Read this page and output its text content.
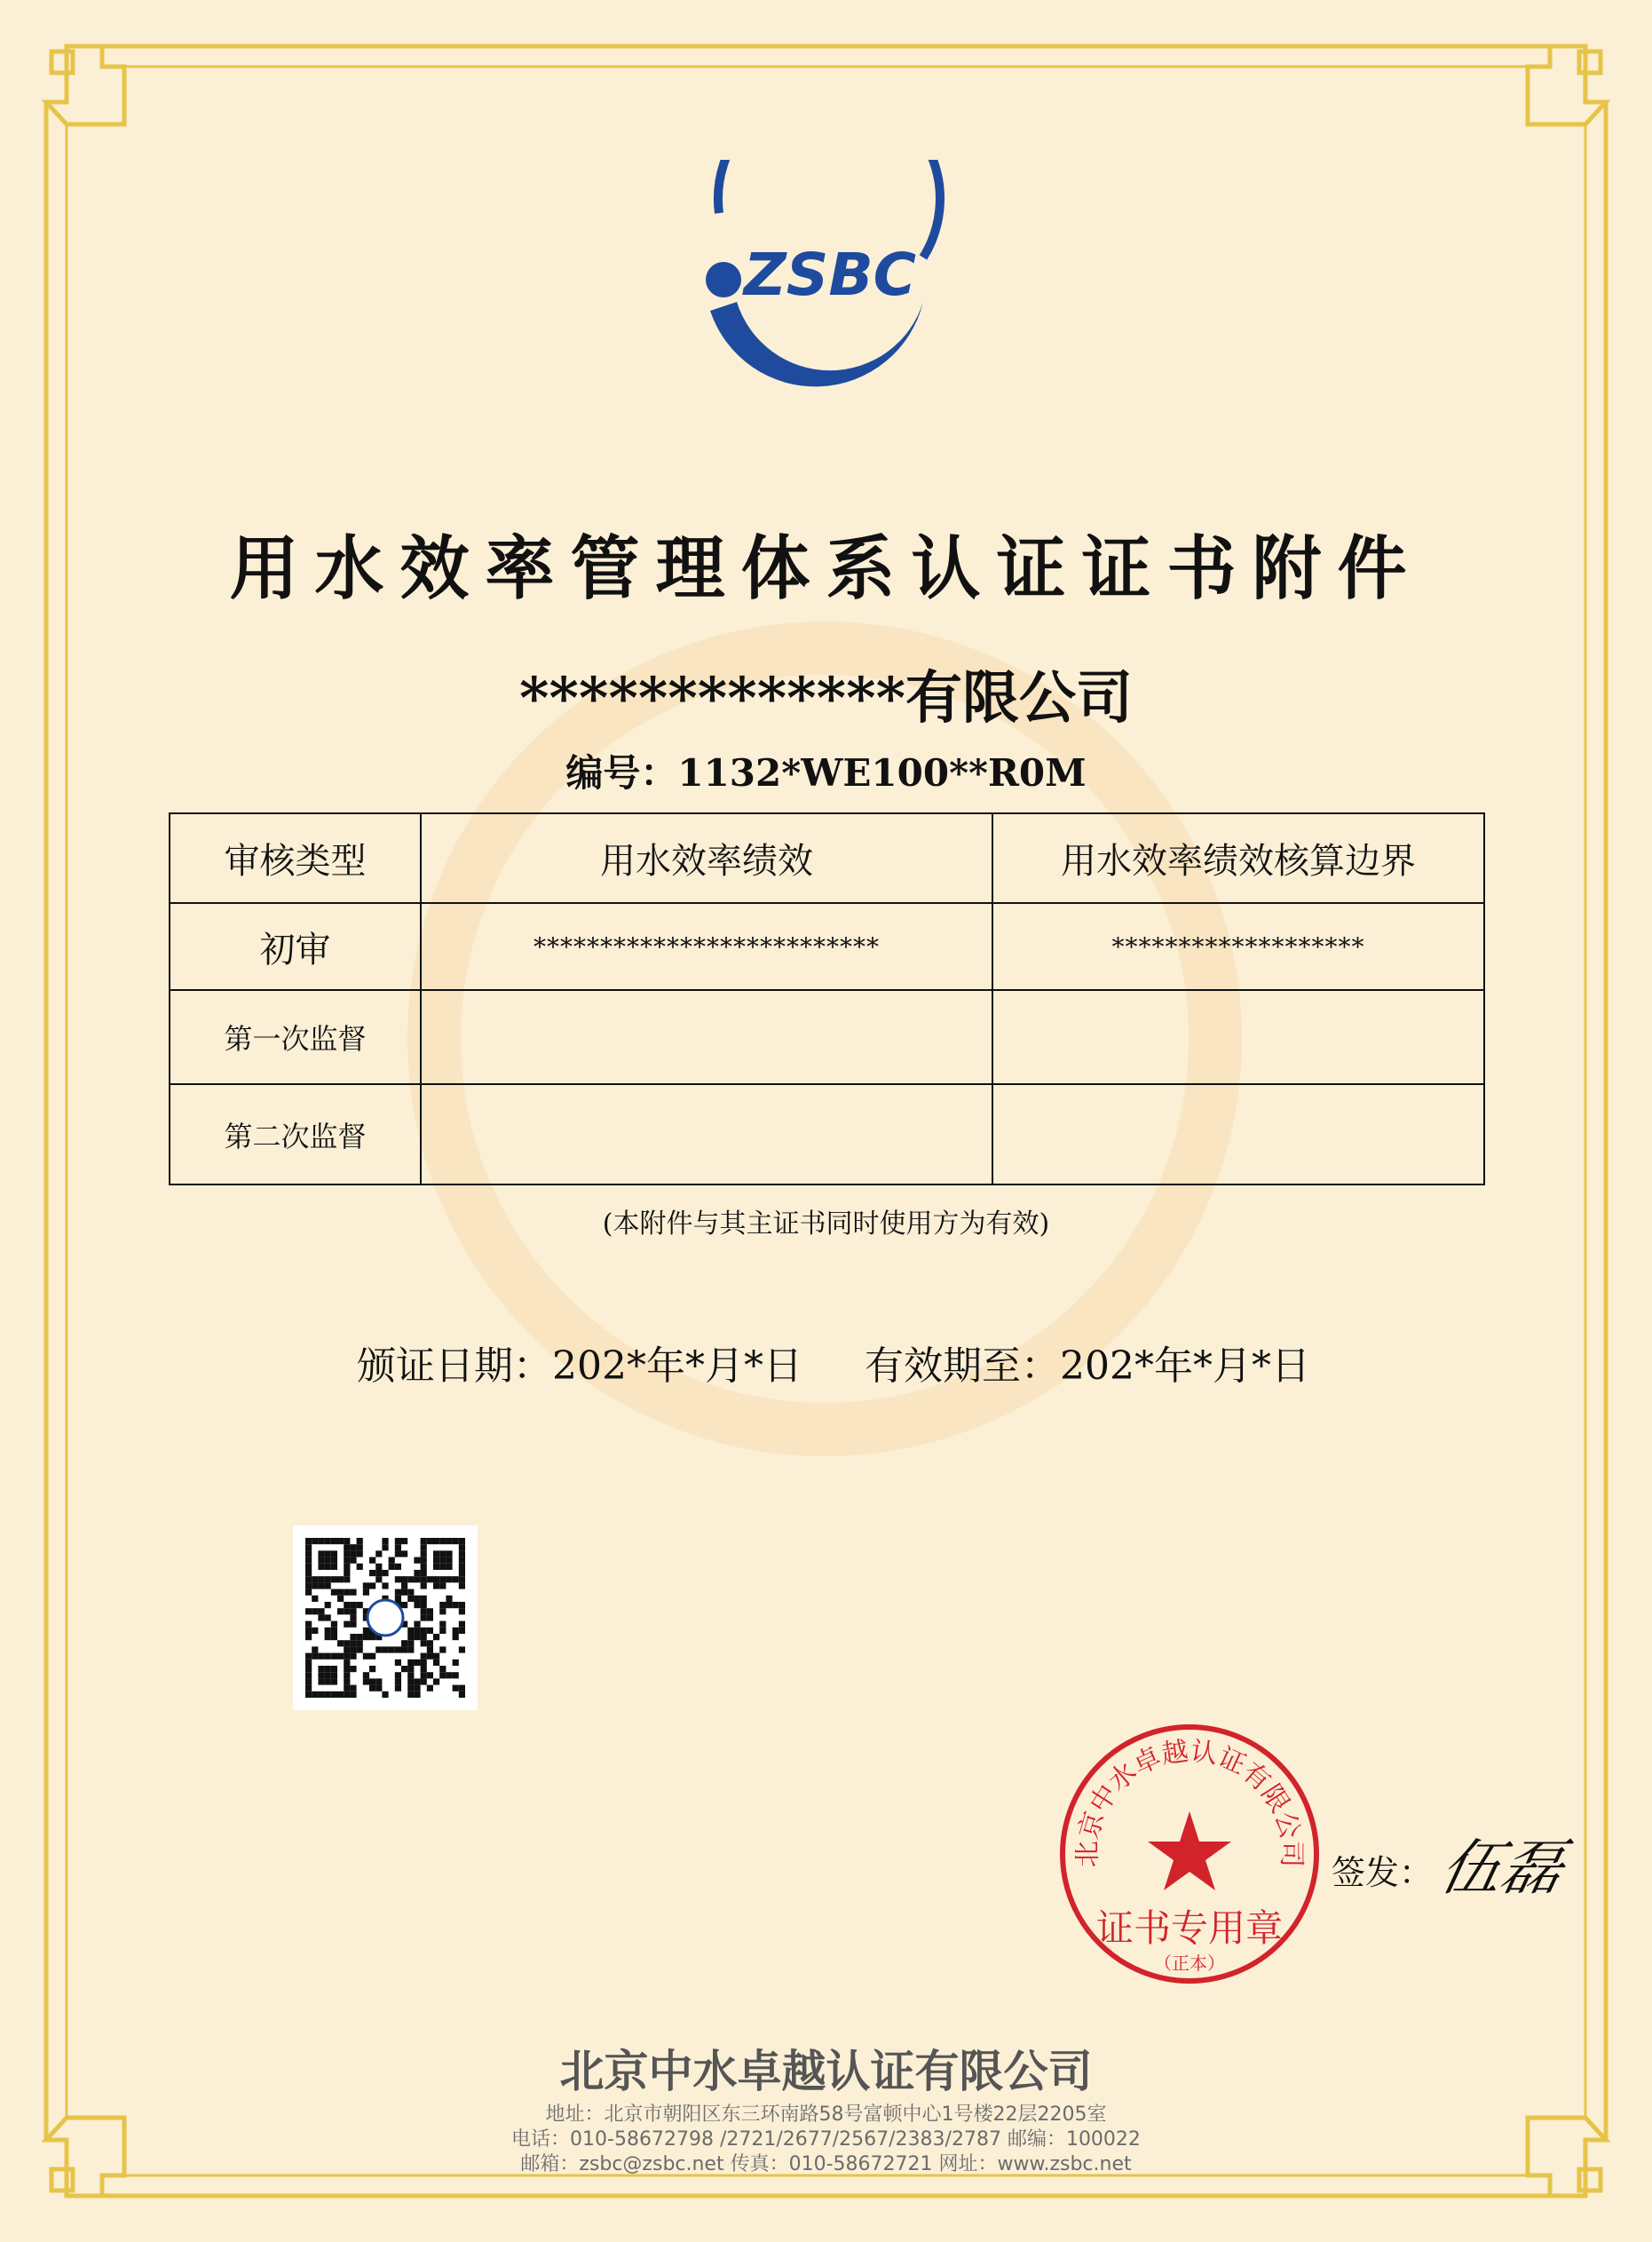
ZSBC
用水效率管理体系认证证书附件
*************有限公司
编号：1132*WE100**R0M
审核类型	用水效率绩效	用水效率绩效核算边界
初审	**************************	*******************
第一次监督		
第二次监督		
(本附件与其主证书同时使用方为有效)
颁证日期：202*年*月*日 有效期至：202*年*月*日
北京中水卓越认证有限公司
证书专用章
（正本）
签发： 伍磊
北京中水卓越认证有限公司
地址：北京市朝阳区东三环南路58号富顿中心1号楼22层2205室
电话：010-58672798 /2721/2677/2567/2383/2787 邮编：100022
邮箱：zsbc@zsbc.net 传真：010-58672721 网址：www.zsbc.net
